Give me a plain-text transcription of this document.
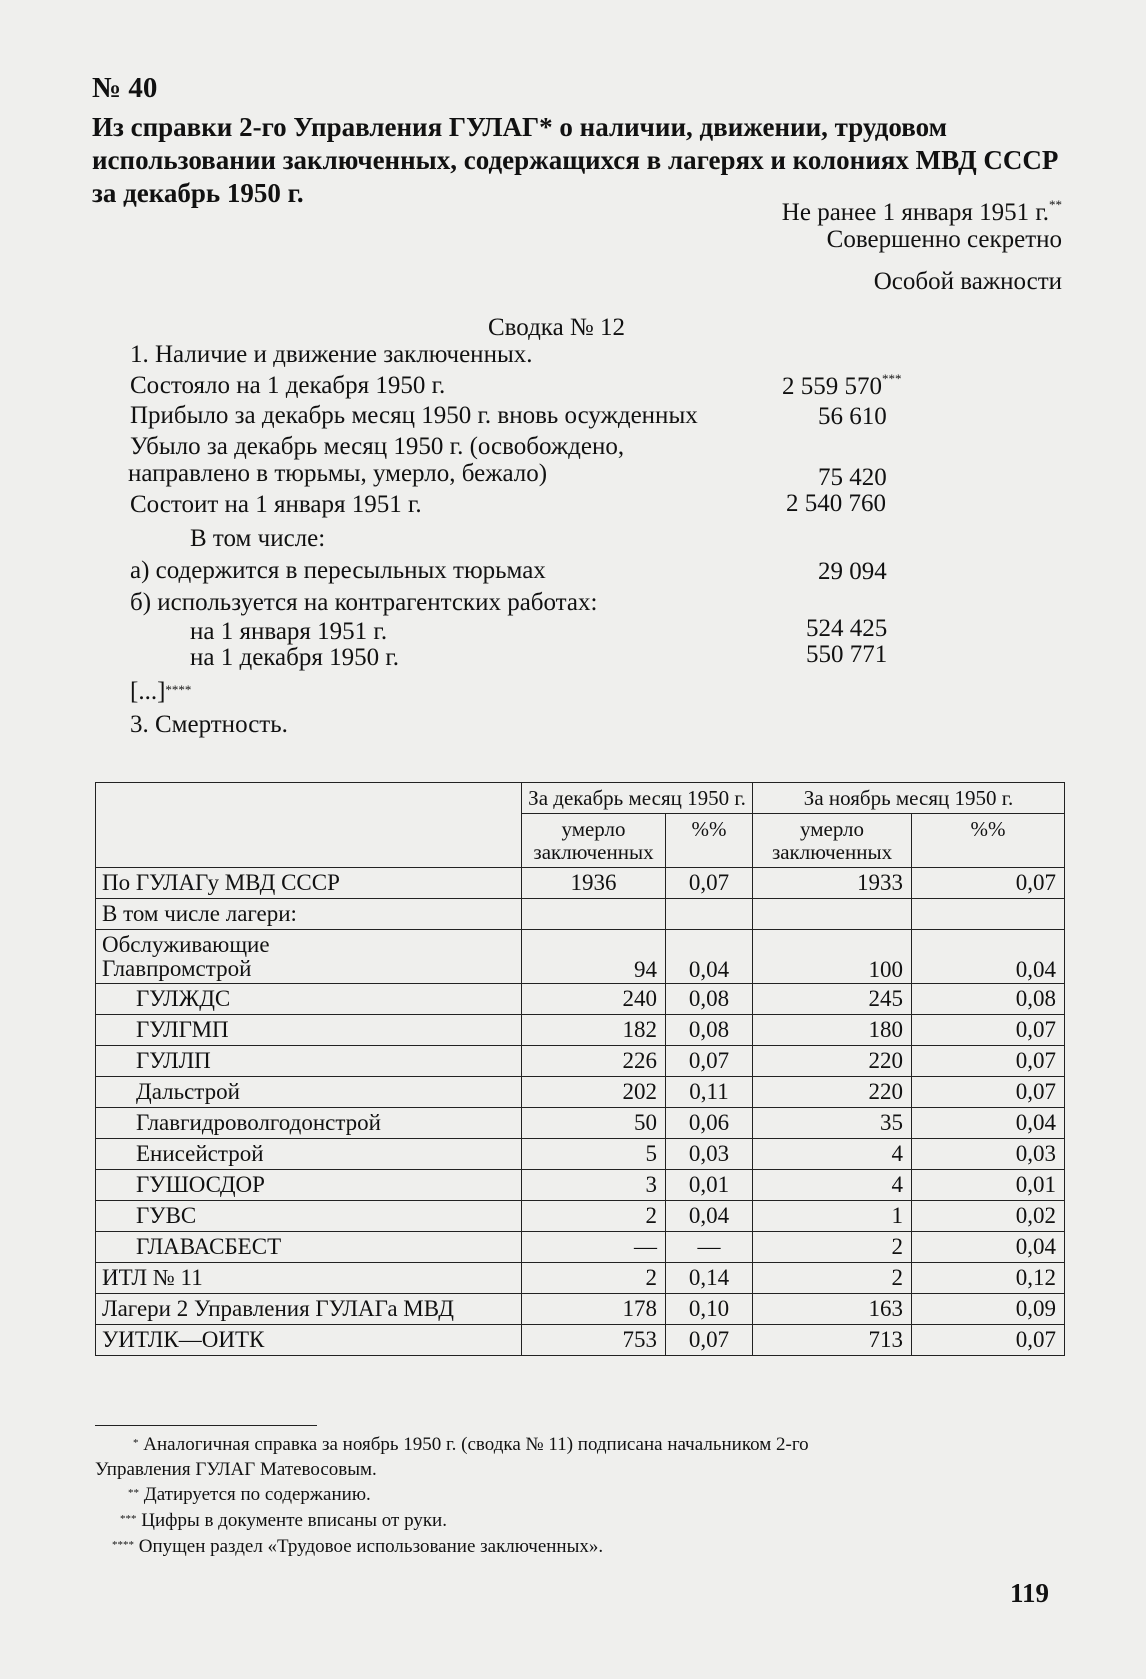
№ 40
Из справки 2-го Управления ГУЛАГ* о наличии, движении, трудовом использовании заключенных, содержащихся в лагерях и колониях МВД СССР за декабрь 1950 г.
Не ранее 1 января 1951 г.**
Совершенно секретно
Особой важности
Сводка № 12
1. Наличие и движение заключенных.
Состояло на 1 декабря 1950 г.	2 559 570***
Прибыло за декабрь месяц 1950 г. вновь осужденных	56 610
Убыло за декабрь месяц 1950 г. (освобождено,
направлено в тюрьмы, умерло, бежало)	75 420
Состоит на 1 января 1951 г.	2 540 760
В том числе:
а) содержится в пересыльных тюрьмах	29 094
б) используется на контрагентских работах:
на 1 января 1951 г.	524 425
на 1 декабря 1950 г.	550 771
[...]****
3. Смертность.
	За декабрь месяц 1950 г.		За ноябрь месяц 1950 г.	
	умерло заключенных	%%	умерло заключенных	%%
По ГУЛАГу МВД СССР	1936	0,07	1933	0,07
В том числе лагери:				

Обслуживающие
Главпромстрой	94	0,04	100	0,04
ГУЛЖДС	240	0,08	245	0,08
ГУЛГМП	182	0,08	180	0,07
ГУЛЛП	226	0,07	220	0,07
Дальстрой	202	0,11	220	0,07
Главгидроволгодонстрой	50	0,06	35	0,04
Енисейстрой	5	0,03	4	0,03
ГУШОСДОР	3	0,01	4	0,01
ГУВС	2	0,04	1	0,02
ГЛАВАСБЕСТ	—	—	2	0,04
ИТЛ № 11	2	0,14	2	0,12
Лагери 2 Управления ГУЛАГа МВД	178	0,10	163	0,09
УИТЛК—ОИТК	753	0,07	713	0,07
* Аналогичная справка за ноябрь 1950 г. (сводка № 11) подписана начальником 2-го
Управления ГУЛАГ Матевосовым.
** Датируется по содержанию.
*** Цифры в документе вписаны от руки.
**** Опущен раздел «Трудовое использование заключенных».
119
